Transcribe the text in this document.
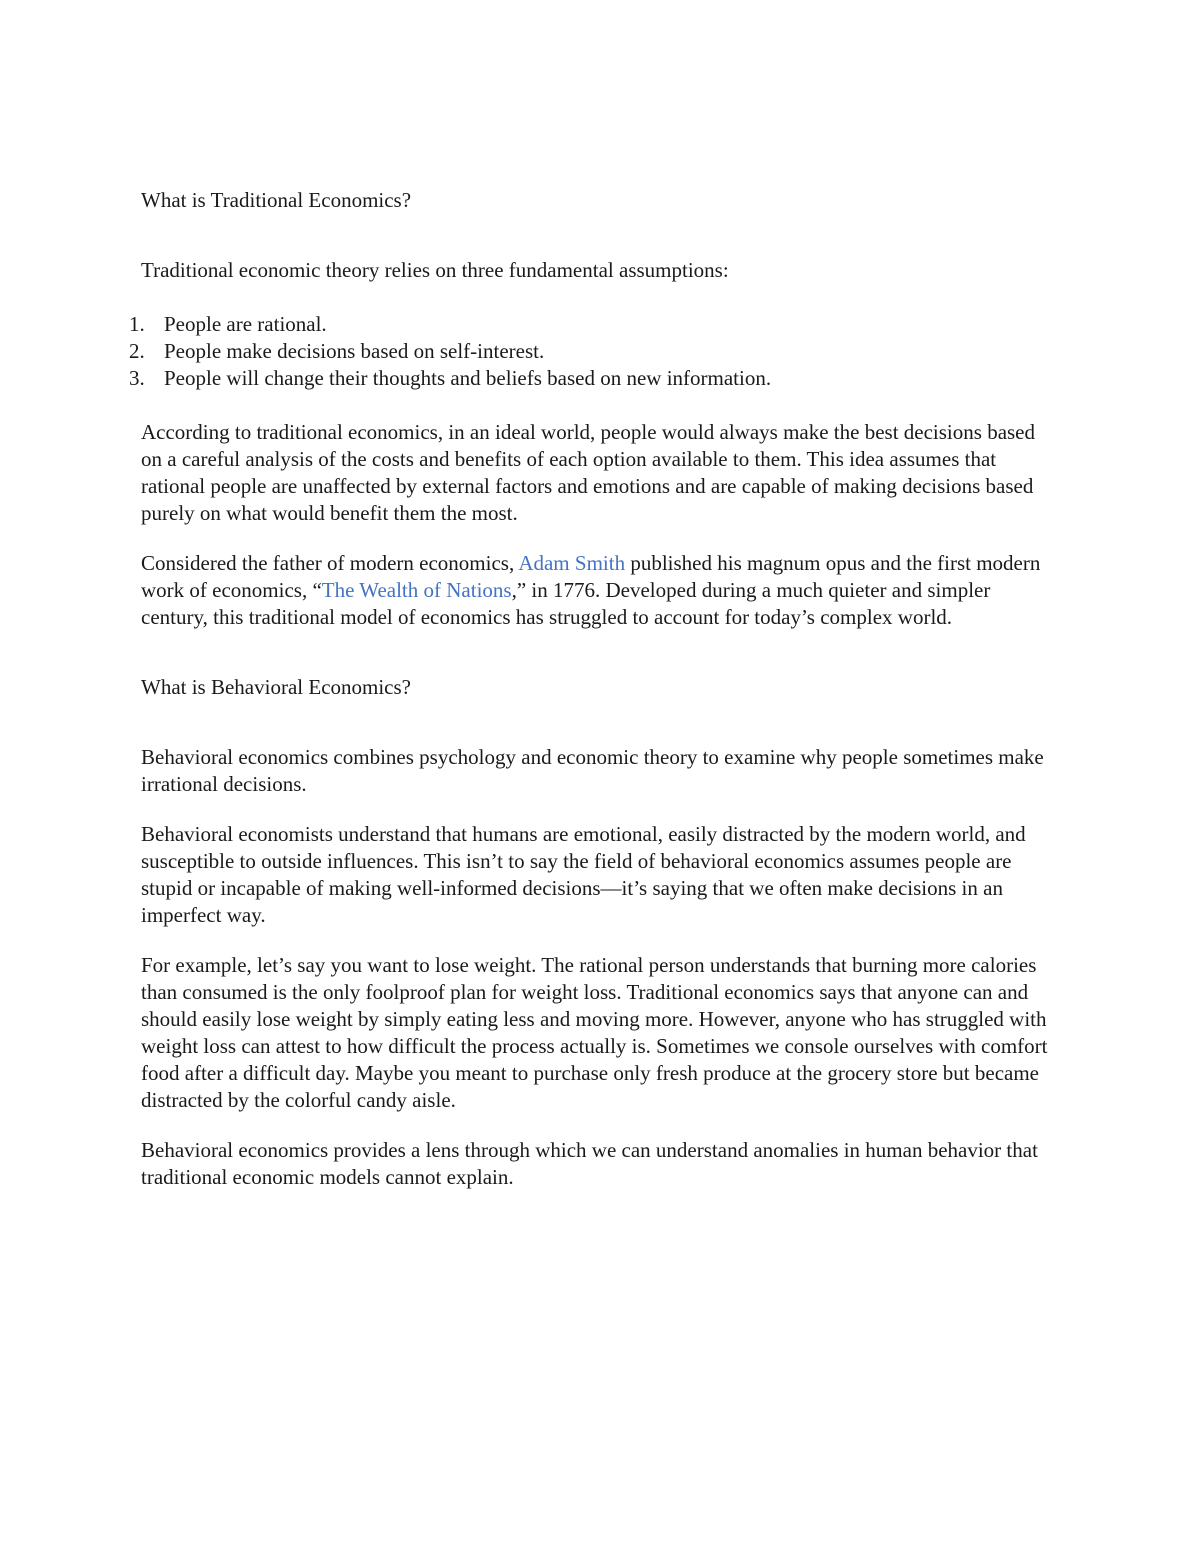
What is Traditional Economics?

Traditional economic theory relies on three fundamental assumptions:

1. People are rational.
2. People make decisions based on self-interest.
3. People will change their thoughts and beliefs based on new information.

According to traditional economics, in an ideal world, people would always make the best decisions based on a careful analysis of the costs and benefits of each option available to them. This idea assumes that rational people are unaffected by external factors and emotions and are capable of making decisions based purely on what would benefit them the most.

Considered the father of modern economics, Adam Smith published his magnum opus and the first modern work of economics, “The Wealth of Nations,” in 1776. Developed during a much quieter and simpler century, this traditional model of economics has struggled to account for today’s complex world.

What is Behavioral Economics?

Behavioral economics combines psychology and economic theory to examine why people sometimes make irrational decisions.

Behavioral economists understand that humans are emotional, easily distracted by the modern world, and susceptible to outside influences. This isn’t to say the field of behavioral economics assumes people are stupid or incapable of making well-informed decisions—it’s saying that we often make decisions in an imperfect way.

For example, let’s say you want to lose weight. The rational person understands that burning more calories than consumed is the only foolproof plan for weight loss. Traditional economics says that anyone can and should easily lose weight by simply eating less and moving more. However, anyone who has struggled with weight loss can attest to how difficult the process actually is. Sometimes we console ourselves with comfort food after a difficult day. Maybe you meant to purchase only fresh produce at the grocery store but became distracted by the colorful candy aisle.

Behavioral economics provides a lens through which we can understand anomalies in human behavior that traditional economic models cannot explain.
